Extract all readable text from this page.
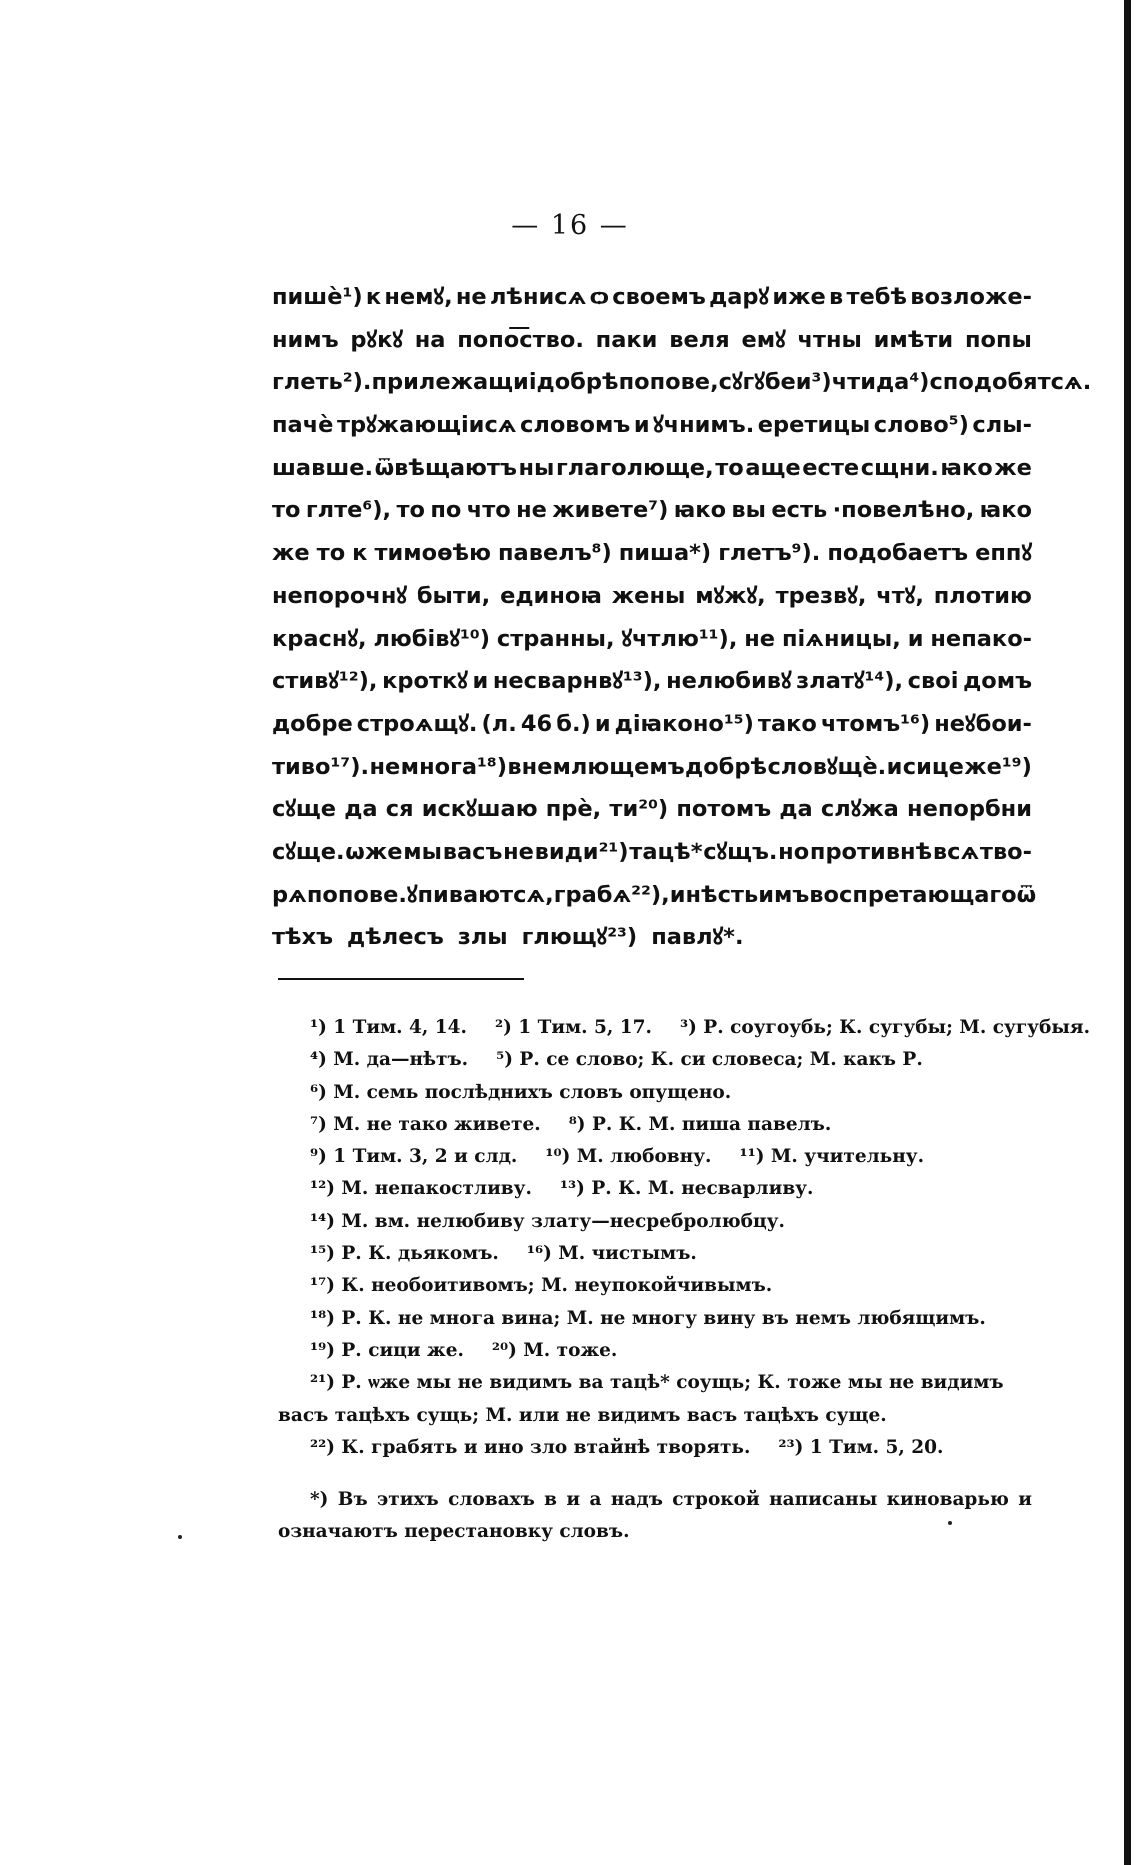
— 16 —
пишѐ¹) к немꙋ, не лѣнисѧ ѻ своемъ дарꙋ иже в тебѣ возложе-
нимъ рꙋкꙋ на попо͞ство. паки веля емꙋ чтны имѣти попы
глеть²). прилежащиі добрѣ попове, сꙋгꙋбеи³) чти да⁴) сподобятсѧ.
пачѐ трꙋжающіисѧ словомъ и ꙋчнимъ. еретицы слово⁵) слы-
шавше. ѿвѣщаютъ ны глаголюще, то аще есте сщни. ꙗко же
то глте⁶), то по что не живете⁷) ꙗко вы есть ·повелѣно, ꙗко
же то к тимоѳѣю павелъ⁸) пиша*) глетъ⁹). подобаетъ еппꙋ
непорочнꙋ быти, единоꙗ жены мꙋжꙋ, трезвꙋ, чтꙋ, плотию
краснꙋ, любівꙋ¹⁰) странны, ꙋчтлю¹¹), не піѧницы, и непако-
стивꙋ¹²), кроткꙋ и несварнвꙋ¹³), нелюбивꙋ златꙋ¹⁴), своі домъ
добре строѧщꙋ. (л. 46 б.) и діꙗконо¹⁵) тако чтомъ¹⁶) неꙋбои-
тиво¹⁷). не многа¹⁸) внемлющемъ добрѣ словꙋщѐ. и сице же¹⁹)
сꙋще да ся искꙋшаю прѐ, ти²⁰) потомъ да слꙋжа непорбни
сꙋще. ѡже мы васъ не види²¹) тацѣ* сꙋщъ. но противнѣ всѧ тво-
рѧ попове. ꙋпиваютсѧ, грабѧ²²), и нѣсть имъ воспретающаго ѿ
тѣхъ дѣлесъ злы глющꙋ²³) павлꙋ*.
¹) 1 Тим. 4, 14. ²) 1 Тим. 5, 17. ³) Р. соугоубь; К. сугубы; М. сугубыя.
⁴) М. да—нѣтъ. ⁵) Р. се слово; К. си словеса; М. какъ Р.
⁶) М. семь послѣднихъ словъ опущено.
⁷) М. не тако живете. ⁸) Р. К. М. пиша павелъ.
⁹) 1 Тим. 3, 2 и слд. ¹⁰) М. любовну. ¹¹) М. учительну.
¹²) М. непакостливу. ¹³) Р. К. М. несварливу.
¹⁴) М. вм. нелюбиву злату—несребролюбцу.
¹⁵) Р. К. дьякомъ. ¹⁶) М. чистымъ.
¹⁷) К. необоитивомъ; М. неупокойчивымъ.
¹⁸) Р. К. не многа вина; М. не многу вину въ немъ любящимъ.
¹⁹) Р. сици же. ²⁰) М. тоже.
²¹) Р. ѡже мы не видимъ ва тацѣ* соущь; К. тоже мы не видимъ
васъ тацѣхъ сущь; М. или не видимъ васъ тацѣхъ суще.
²²) К. грабять и ино зло втайнѣ творять. ²³) 1 Тим. 5, 20.
*) Въ этихъ словахъ в и а надъ строкой написаны киноварью и
означаютъ перестановку словъ.
